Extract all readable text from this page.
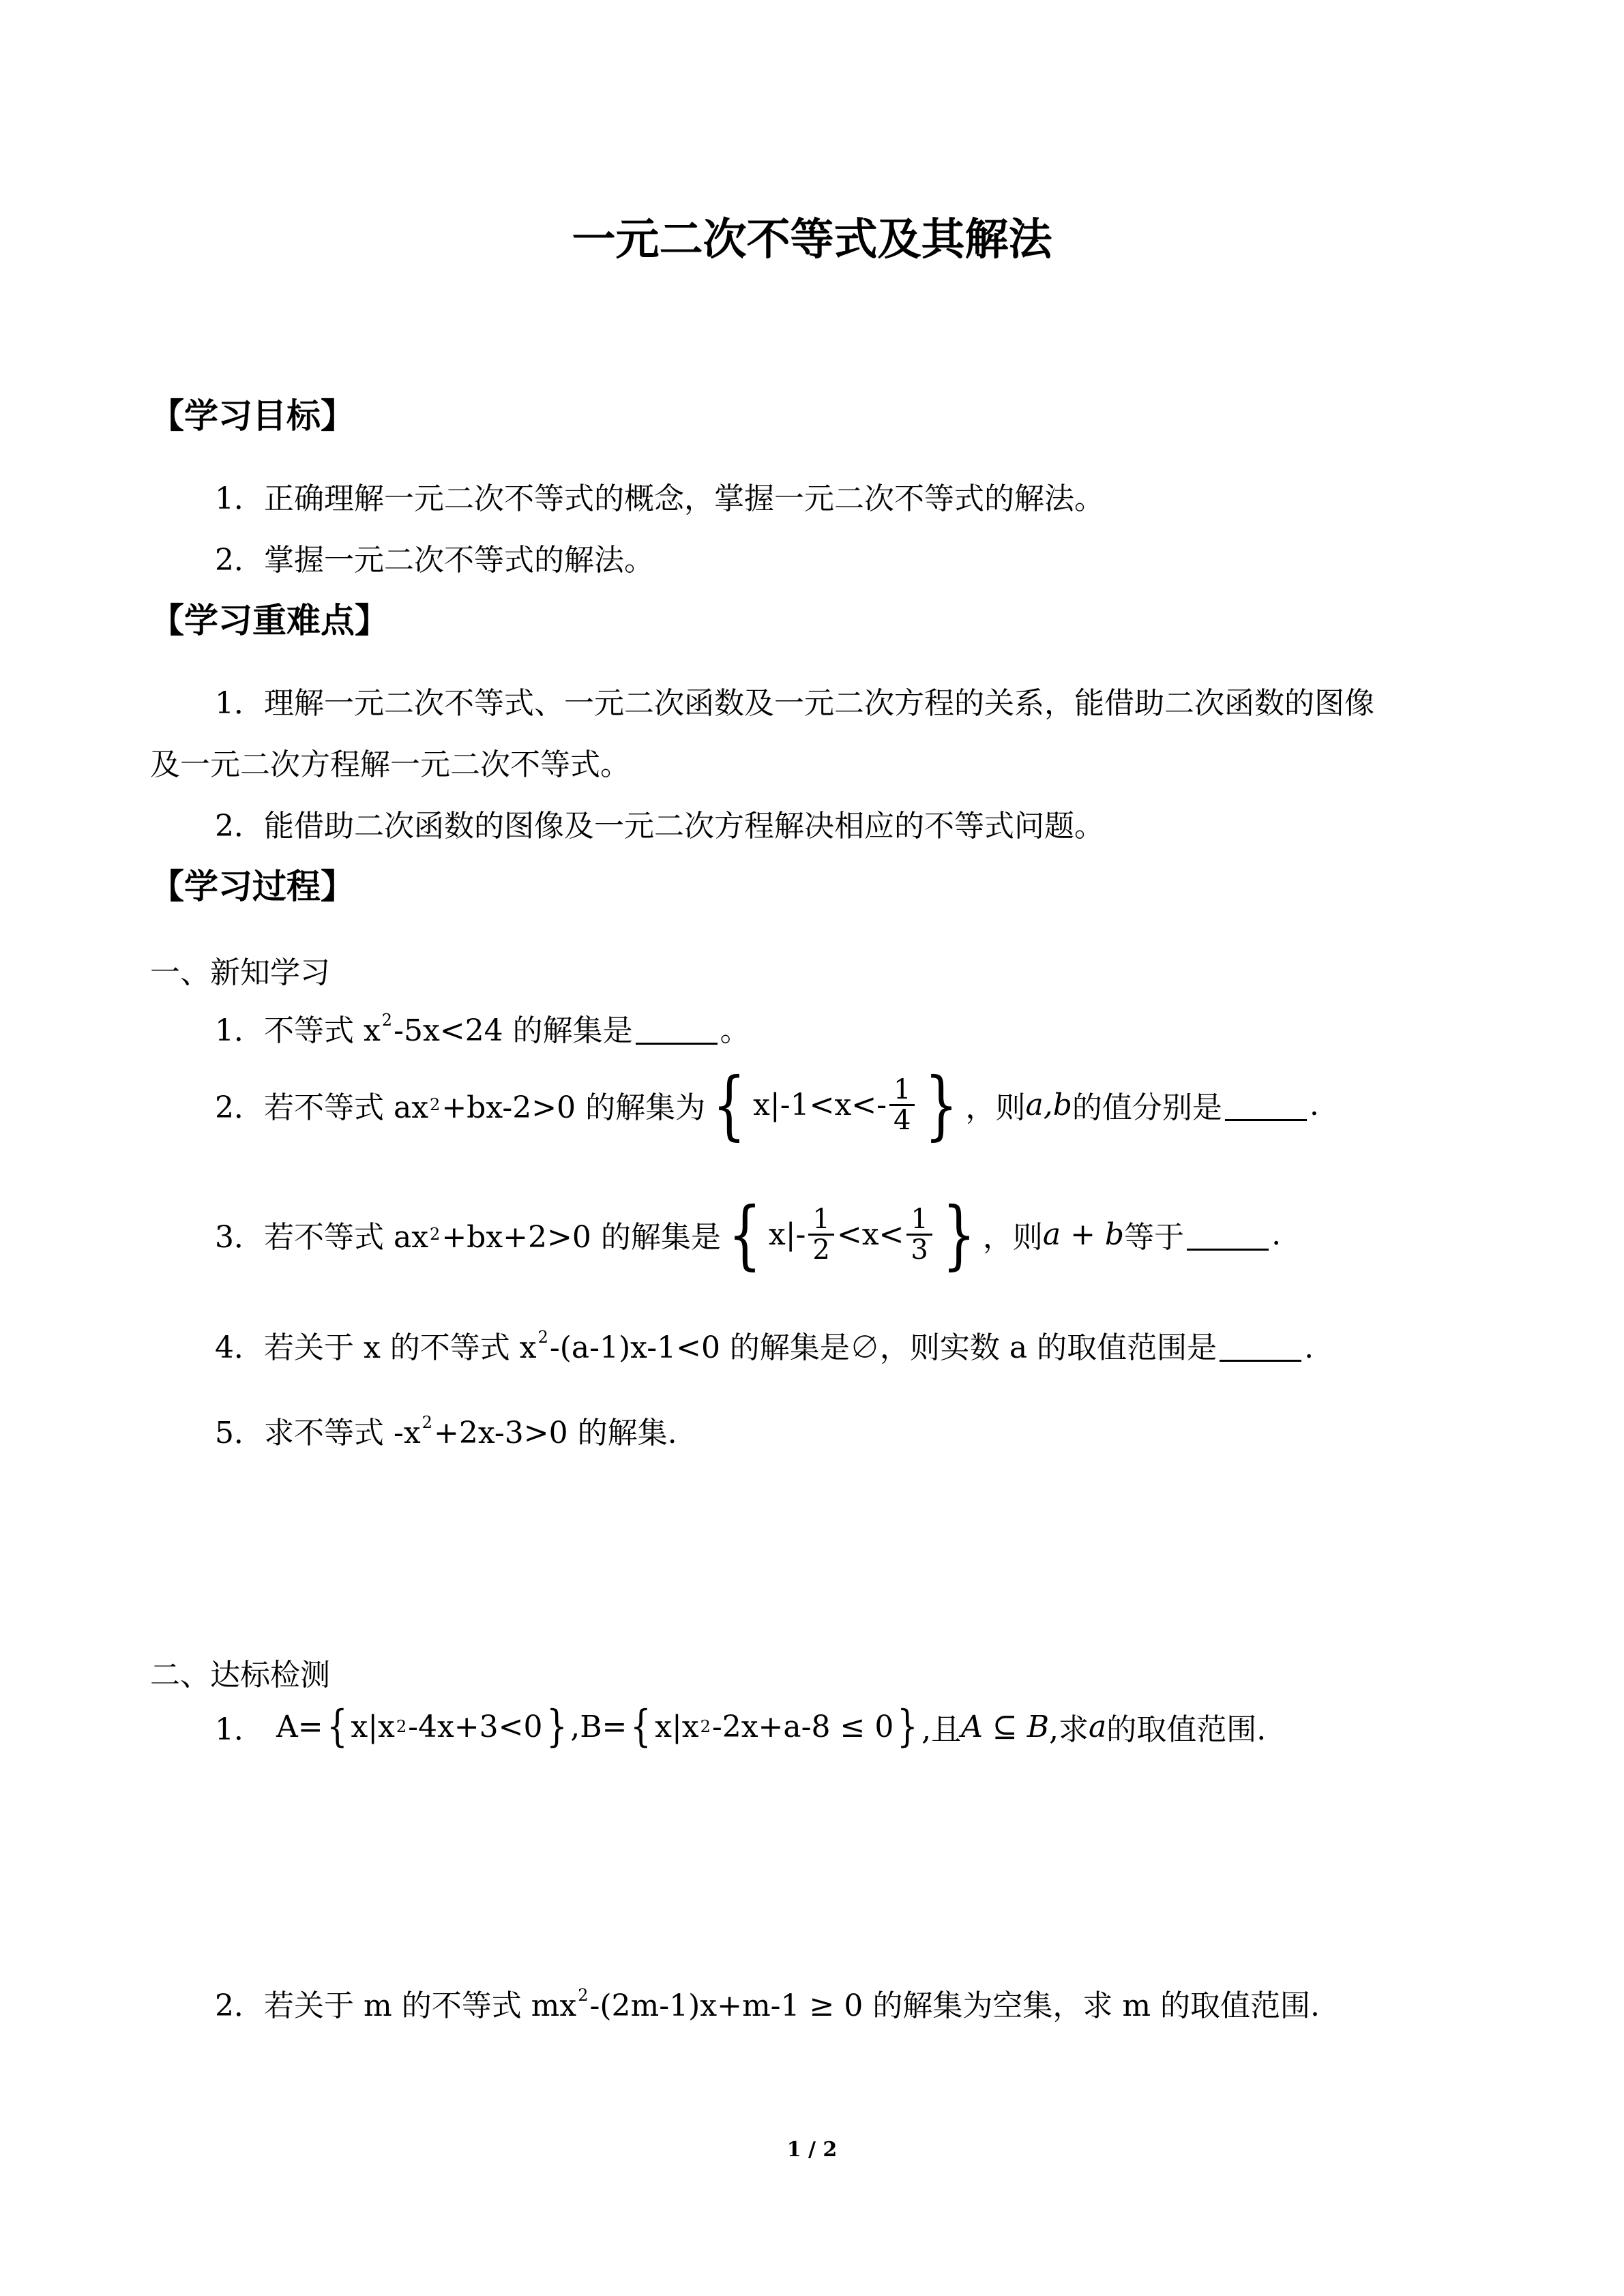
一元二次不等式及其解法
【学习目标】
1．正确理解一元二次不等式的概念，掌握一元二次不等式的解法。
2．掌握一元二次不等式的解法。
【学习重难点】
1．理解一元二次不等式、一元二次函数及一元二次方程的关系，能借助二次函数的图像
及一元二次方程解一元二次不等式。
2．能借助二次函数的图像及一元二次方程解决相应的不等式问题。
【学习过程】
一、新知学习
1．不等式 $x^2-5x<24$ 的解集是	。
2．若不等式 ax 2 +bx-2>0 的解集为 { $x|-1<x<- \frac{1}{4}$ } ，则 a,b 的值分别是	.
3．若不等式 ax 2 +bx+2>0 的解集是 { $x|- \frac{1}{2} <x< \frac{1}{3}$ } ，则 a + b 等于	.
4．若关于 x 的不等式 $x^2-(a-1)x-1<0$ 的解集是∅，则实数 a 的取值范围是	.
5．求不等式 $-x^2+2x-3>0$ 的解集.
二、达标检测
1． A= { x|x 2 -4x+3<0 } ,B= { x|x 2 -2x+a-8 ≤ 0 } ,且 A ⊆ B ,求 a 的取值范围.
2．若关于 m 的不等式 $mx^2-(2m-1)x+m-1 \ge 0$ 的解集为空集，求 m 的取值范围.
1 / 2
